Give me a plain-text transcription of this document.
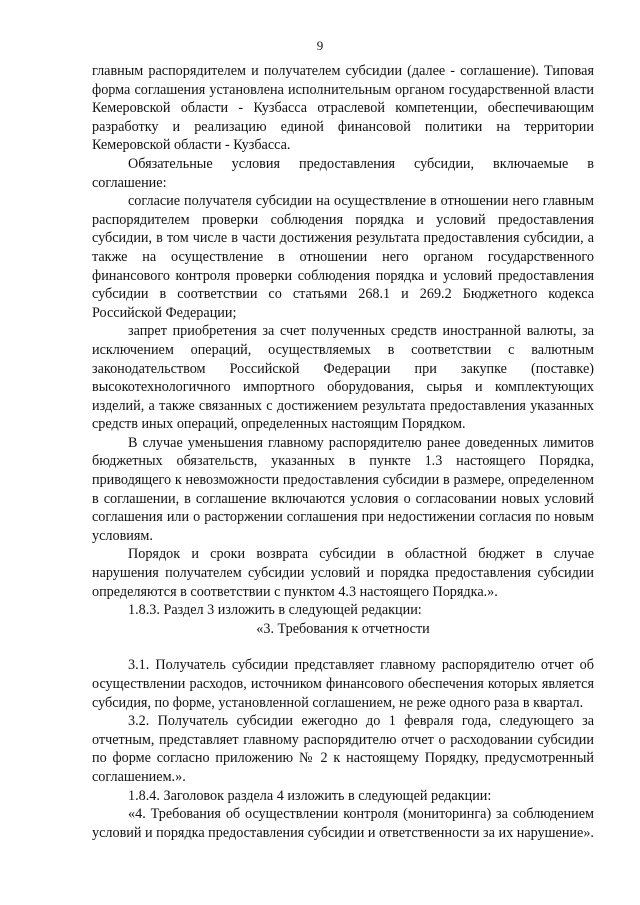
9

главным распорядителем и получателем субсидии (далее - соглашение). Типовая форма соглашения установлена исполнительным органом государственной власти Кемеровской области - Кузбасса отраслевой компетенции, обеспечивающим разработку и реализацию единой финансовой политики на территории Кемеровской области - Кузбасса.

Обязательные условия предоставления субсидии, включаемые в соглашение:

согласие получателя субсидии на осуществление в отношении него главным распорядителем проверки соблюдения порядка и условий предоставления субсидии, в том числе в части достижения результата предоставления субсидии, а также на осуществление в отношении него органом государственного финансового контроля проверки соблюдения порядка и условий предоставления субсидии в соответствии со статьями 268.1 и 269.2 Бюджетного кодекса Российской Федерации;

запрет приобретения за счет полученных средств иностранной валюты, за исключением операций, осуществляемых в соответствии с валютным законодательством Российской Федерации при закупке (поставке) высокотехнологичного импортного оборудования, сырья и комплектующих изделий, а также связанных с достижением результата предоставления указанных средств иных операций, определенных настоящим Порядком.

В случае уменьшения главному распорядителю ранее доведенных лимитов бюджетных обязательств, указанных в пункте 1.3 настоящего Порядка, приводящего к невозможности предоставления субсидии в размере, определенном в соглашении, в соглашение включаются условия о согласовании новых условий соглашения или о расторжении соглашения при недостижении согласия по новым условиям.

Порядок и сроки возврата субсидии в областной бюджет в случае нарушения получателем субсидии условий и порядка предоставления субсидии определяются в соответствии с пунктом 4.3 настоящего Порядка.».

1.8.3. Раздел 3 изложить в следующей редакции:

«3. Требования к отчетности

3.1. Получатель субсидии представляет главному распорядителю отчет об осуществлении расходов, источником финансового обеспечения которых является субсидия, по форме, установленной соглашением, не реже одного раза в квартал.

3.2. Получатель субсидии ежегодно до 1 февраля года, следующего за отчетным, представляет главному распорядителю отчет о расходовании субсидии по форме согласно приложению № 2 к настоящему Порядку, предусмотренный соглашением.».

1.8.4. Заголовок раздела 4 изложить в следующей редакции:

«4. Требования об осуществлении контроля (мониторинга) за соблюдением условий и порядка предоставления субсидии и ответственности за их нарушение».
